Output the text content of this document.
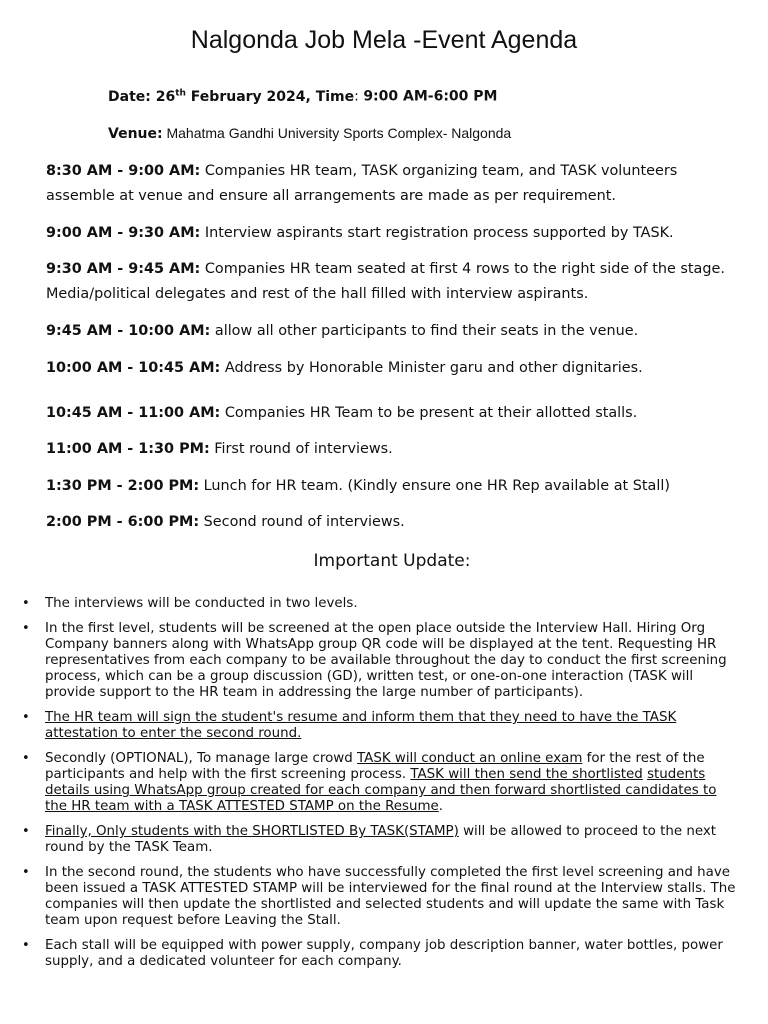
Nalgonda Job Mela -Event Agenda
Date: 26th February 2024, Time: 9:00 AM-6:00 PM
Venue: Mahatma Gandhi University Sports Complex- Nalgonda
8:30 AM - 9:00 AM: Companies HR team, TASK organizing team, and TASK volunteers assemble at venue and ensure all arrangements are made as per requirement.
9:00 AM - 9:30 AM: Interview aspirants start registration process supported by TASK.
9:30 AM - 9:45 AM: Companies HR team seated at first 4 rows to the right side of the stage. Media/political delegates and rest of the hall filled with interview aspirants.
9:45 AM - 10:00 AM: allow all other participants to find their seats in the venue.
10:00 AM - 10:45 AM: Address by Honorable Minister garu and other dignitaries.
10:45 AM - 11:00 AM: Companies HR Team to be present at their allotted stalls.
11:00 AM - 1:30 PM: First round of interviews.
1:30 PM - 2:00 PM: Lunch for HR team. (Kindly ensure one HR Rep available at Stall)
2:00 PM - 6:00 PM: Second round of interviews.
Important Update:
• The interviews will be conducted in two levels.
• In the first level, students will be screened at the open place outside the Interview Hall. Hiring Org Company banners along with WhatsApp group QR code will be displayed at the tent. Requesting HR representatives from each company to be available throughout the day to conduct the first screening process, which can be a group discussion (GD), written test, or one-on-one interaction (TASK will provide support to the HR team in addressing the large number of participants).
• The HR team will sign the student's resume and inform them that they need to have the TASK attestation to enter the second round.
• Secondly (OPTIONAL), To manage large crowd TASK will conduct an online exam for the rest of the participants and help with the first screening process. TASK will then send the shortlisted students details using WhatsApp group created for each company and then forward shortlisted candidates to the HR team with a TASK ATTESTED STAMP on the Resume.
• Finally, Only students with the SHORTLISTED By TASK(STAMP) will be allowed to proceed to the next round by the TASK Team.
• In the second round, the students who have successfully completed the first level screening and have been issued a TASK ATTESTED STAMP will be interviewed for the final round at the Interview stalls. The companies will then update the shortlisted and selected students and will update the same with Task team upon request before Leaving the Stall.
• Each stall will be equipped with power supply, company job description banner, water bottles, power supply, and a dedicated volunteer for each company.
